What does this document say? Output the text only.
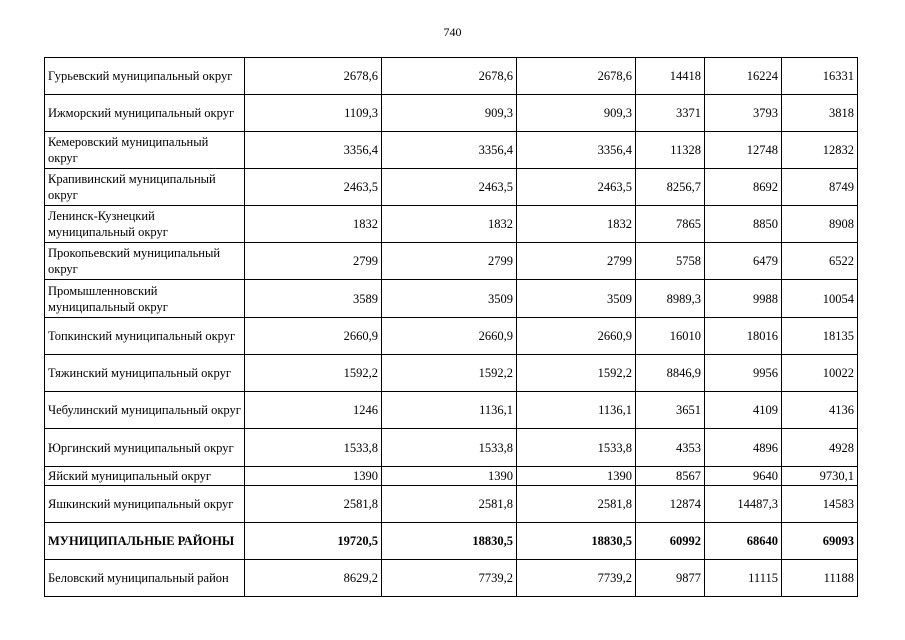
740
Гурьевский муниципальный округ	2678,6	2678,6	2678,6	14418	16224	16331
Ижморский муниципальный округ	1109,3	909,3	909,3	3371	3793	3818
Кемеровский муниципальный округ	3356,4	3356,4	3356,4	11328	12748	12832
Крапивинский муниципальный округ	2463,5	2463,5	2463,5	8256,7	8692	8749
Ленинск-Кузнецкий муниципальный округ	1832	1832	1832	7865	8850	8908
Прокопьевский муниципальный округ	2799	2799	2799	5758	6479	6522
Промышленновский муниципальный округ	3589	3509	3509	8989,3	9988	10054
Топкинский муниципальный округ	2660,9	2660,9	2660,9	16010	18016	18135
Тяжинский муниципальный округ	1592,2	1592,2	1592,2	8846,9	9956	10022
Чебулинский муниципальный округ	1246	1136,1	1136,1	3651	4109	4136
Юргинский муниципальный округ	1533,8	1533,8	1533,8	4353	4896	4928
Яйский муниципальный округ	1390	1390	1390	8567	9640	9730,1
Яшкинский муниципальный округ	2581,8	2581,8	2581,8	12874	14487,3	14583
МУНИЦИПАЛЬНЫЕ РАЙОНЫ	19720,5	18830,5	18830,5	60992	68640	69093
Беловский муниципальный район	8629,2	7739,2	7739,2	9877	11115	11188
